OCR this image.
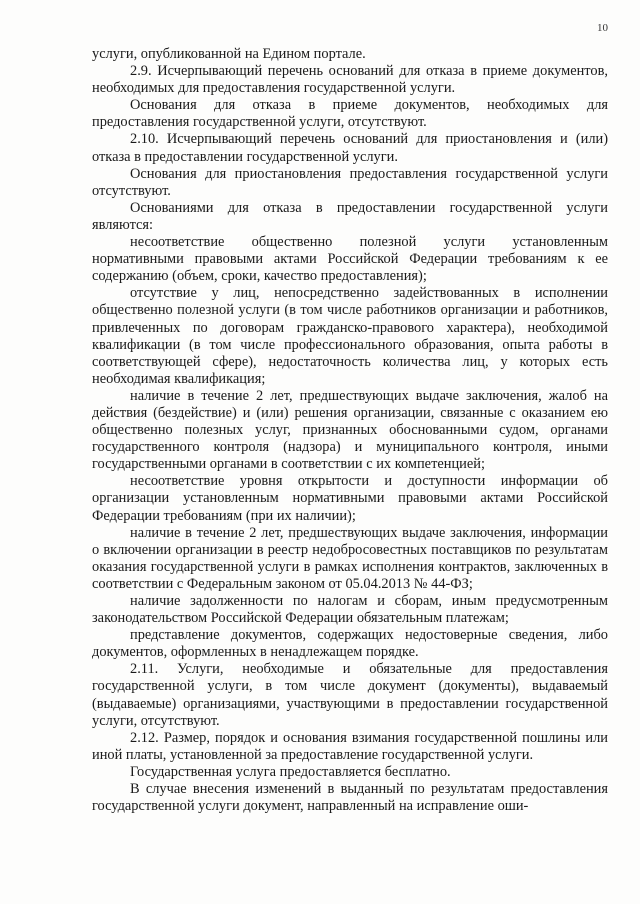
10

услуги, опубликованной на Едином портале.

2.9. Исчерпывающий перечень оснований для отказа в приеме документов, необходимых для предоставления государственной услуги.

Основания для отказа в приеме документов, необходимых для предоставления государственной услуги, отсутствуют.

2.10. Исчерпывающий перечень оснований для приостановления и (или) отказа в предоставлении государственной услуги.

Основания для приостановления предоставления государственной услуги отсутствуют.

Основаниями для отказа в предоставлении государственной услуги являются:

несоответствие общественно полезной услуги установленным нормативными правовыми актами Российской Федерации требованиям к ее содержанию (объем, сроки, качество предоставления);

отсутствие у лиц, непосредственно задействованных в исполнении общественно полезной услуги (в том числе работников организации и работников, привлеченных по договорам гражданско-правового характера), необходимой квалификации (в том числе профессионального образования, опыта работы в соответствующей сфере), недостаточность количества лиц, у которых есть необходимая квалификация;

наличие в течение 2 лет, предшествующих выдаче заключения, жалоб на действия (бездействие) и (или) решения организации, связанные с оказанием ею общественно полезных услуг, признанных обоснованными судом, органами государственного контроля (надзора) и муниципального контроля, иными государственными органами в соответствии с их компетенцией;

несоответствие уровня открытости и доступности информации об организации установленным нормативными правовыми актами Российской Федерации требованиям (при их наличии);

наличие в течение 2 лет, предшествующих выдаче заключения, информации о включении организации в реестр недобросовестных поставщиков по результатам оказания государственной услуги в рамках исполнения контрактов, заключенных в соответствии с Федеральным законом от 05.04.2013 № 44-ФЗ;

наличие задолженности по налогам и сборам, иным предусмотренным законодательством Российской Федерации обязательным платежам;

представление документов, содержащих недостоверные сведения, либо документов, оформленных в ненадлежащем порядке.

2.11. Услуги, необходимые и обязательные для предоставления государственной услуги, в том числе документ (документы), выдаваемый (выдаваемые) организациями, участвующими в предоставлении государственной услуги, отсутствуют.

2.12. Размер, порядок и основания взимания государственной пошлины или иной платы, установленной за предоставление государственной услуги.

Государственная услуга предоставляется бесплатно.

В случае внесения изменений в выданный по результатам предоставления государственной услуги документ, направленный на исправление оши-
